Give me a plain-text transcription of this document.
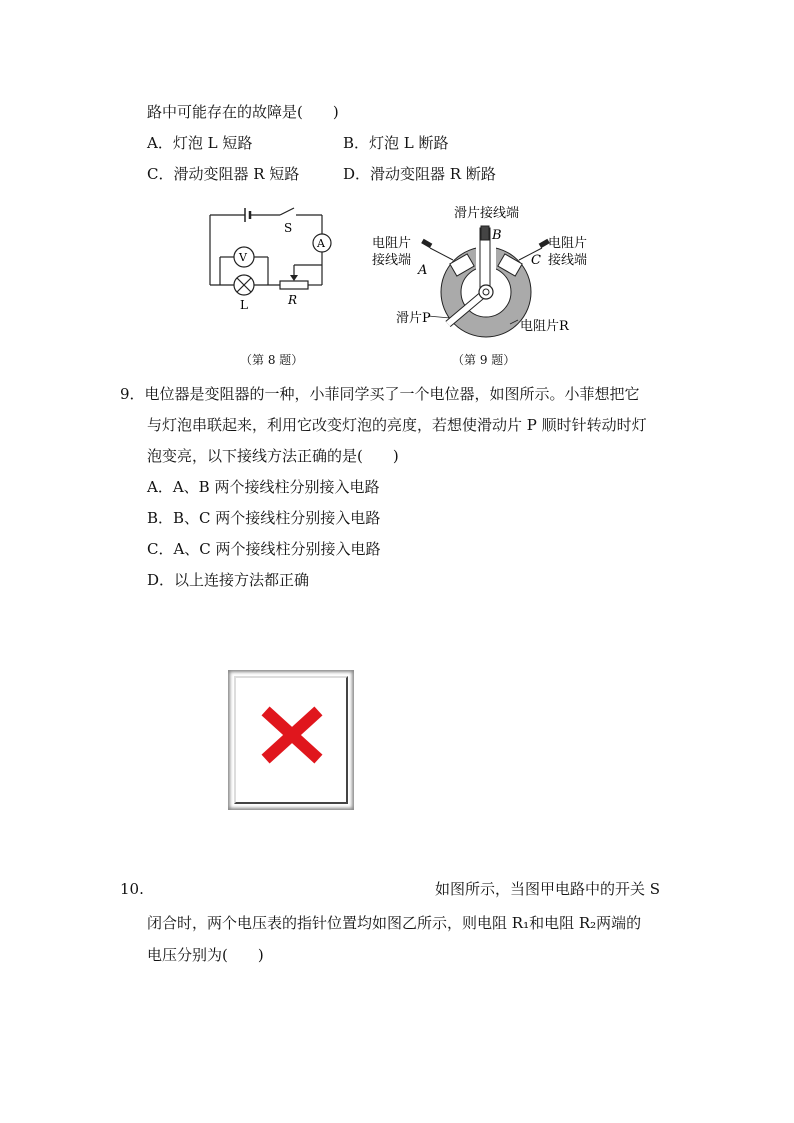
路中可能存在的故障是(　　)
A．灯泡 L 短路	B．灯泡 L 断路
C．滑动变阻器 R 短路	D．滑动变阻器 R 断路
S
A
V
L	R
（第 8 题）
滑片接线端
B
电阻片
接线端
A
电阻片
接线端
C
滑片P
电阻片R
（第 9 题）
9．电位器是变阻器的一种，小菲同学买了一个电位器，如图所示。小菲想把它
与灯泡串联起来，利用它改变灯泡的亮度，若想使滑动片 P 顺时针转动时灯
泡变亮，以下接线方法正确的是(　　)
A．A、B 两个接线柱分别接入电路
B．B、C 两个接线柱分别接入电路
C．A、C 两个接线柱分别接入电路
D．以上连接方法都正确
10.	如图所示，当图甲电路中的开关 S
闭合时，两个电压表的指针位置均如图乙所示，则电阻 R₁和电阻 R₂两端的
电压分别为(　　)
